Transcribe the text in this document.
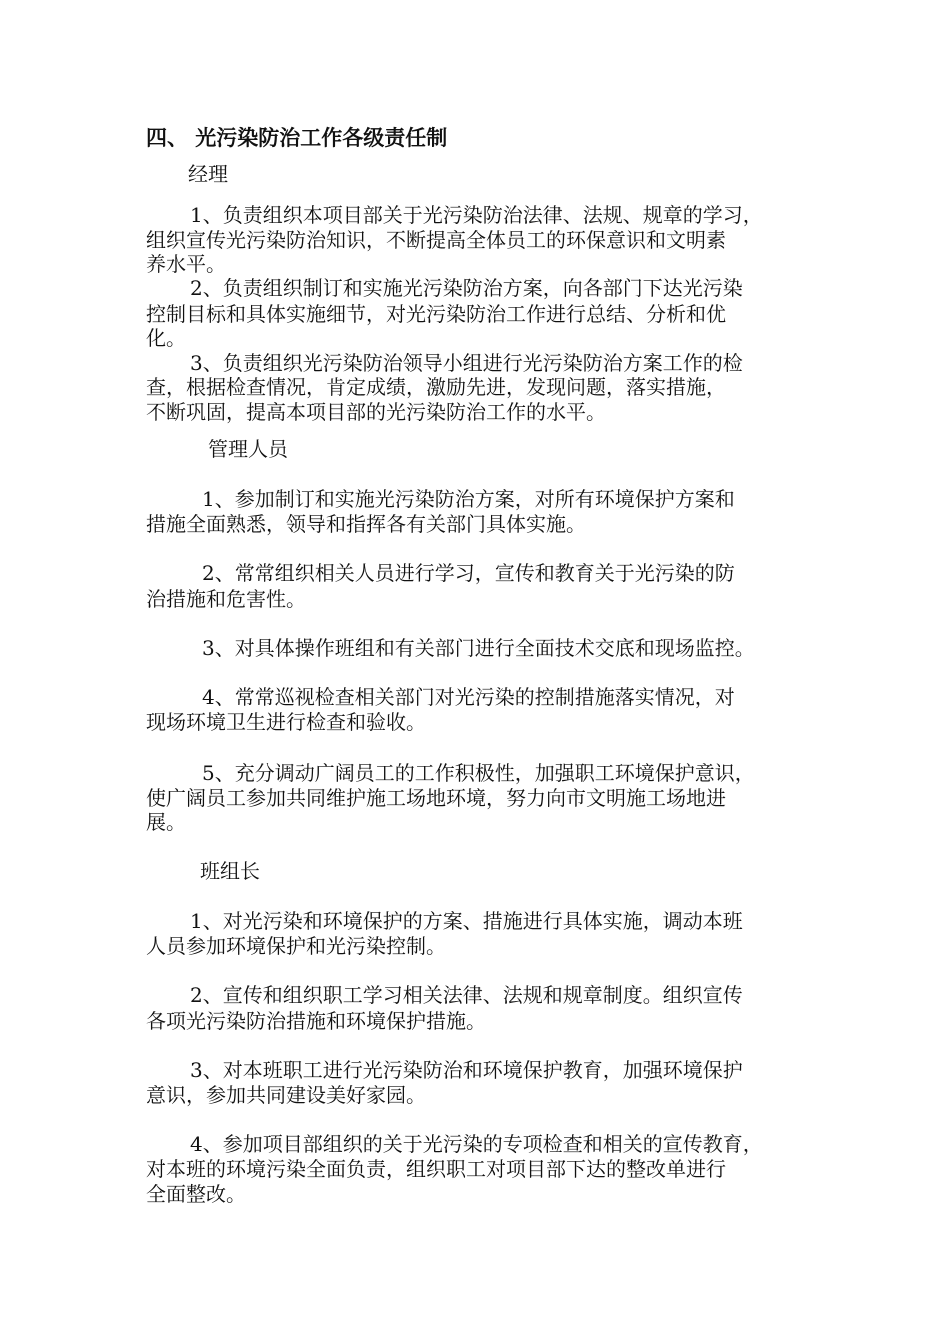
四、 光污染防治工作各级责任制
经理
1、负责组织本项目部关于光污染防治法律、法规、规章的学习，
组织宣传光污染防治知识，不断提高全体员工的环保意识和文明素
养水平。
2、负责组织制订和实施光污染防治方案，向各部门下达光污染
控制目标和具体实施细节，对光污染防治工作进行总结、分析和优
化。
3、负责组织光污染防治领导小组进行光污染防治方案工作的检
查，根据检查情况，肯定成绩，激励先进，发现问题，落实措施，
不断巩固，提高本项目部的光污染防治工作的水平。
管理人员
1、参加制订和实施光污染防治方案，对所有环境保护方案和
措施全面熟悉，领导和指挥各有关部门具体实施。
2、常常组织相关人员进行学习，宣传和教育关于光污染的防
治措施和危害性。
3、对具体操作班组和有关部门进行全面技术交底和现场监控。
4、常常巡视检查相关部门对光污染的控制措施落实情况，对
现场环境卫生进行检查和验收。
5、充分调动广阔员工的工作积极性，加强职工环境保护意识，
使广阔员工参加共同维护施工场地环境，努力向市文明施工场地进
展。
班组长
1、对光污染和环境保护的方案、措施进行具体实施，调动本班
人员参加环境保护和光污染控制。
2、宣传和组织职工学习相关法律、法规和规章制度。组织宣传
各项光污染防治措施和环境保护措施。
3、对本班职工进行光污染防治和环境保护教育，加强环境保护
意识，参加共同建设美好家园。
4、参加项目部组织的关于光污染的专项检查和相关的宣传教育，
对本班的环境污染全面负责，组织职工对项目部下达的整改单进行
全面整改。
